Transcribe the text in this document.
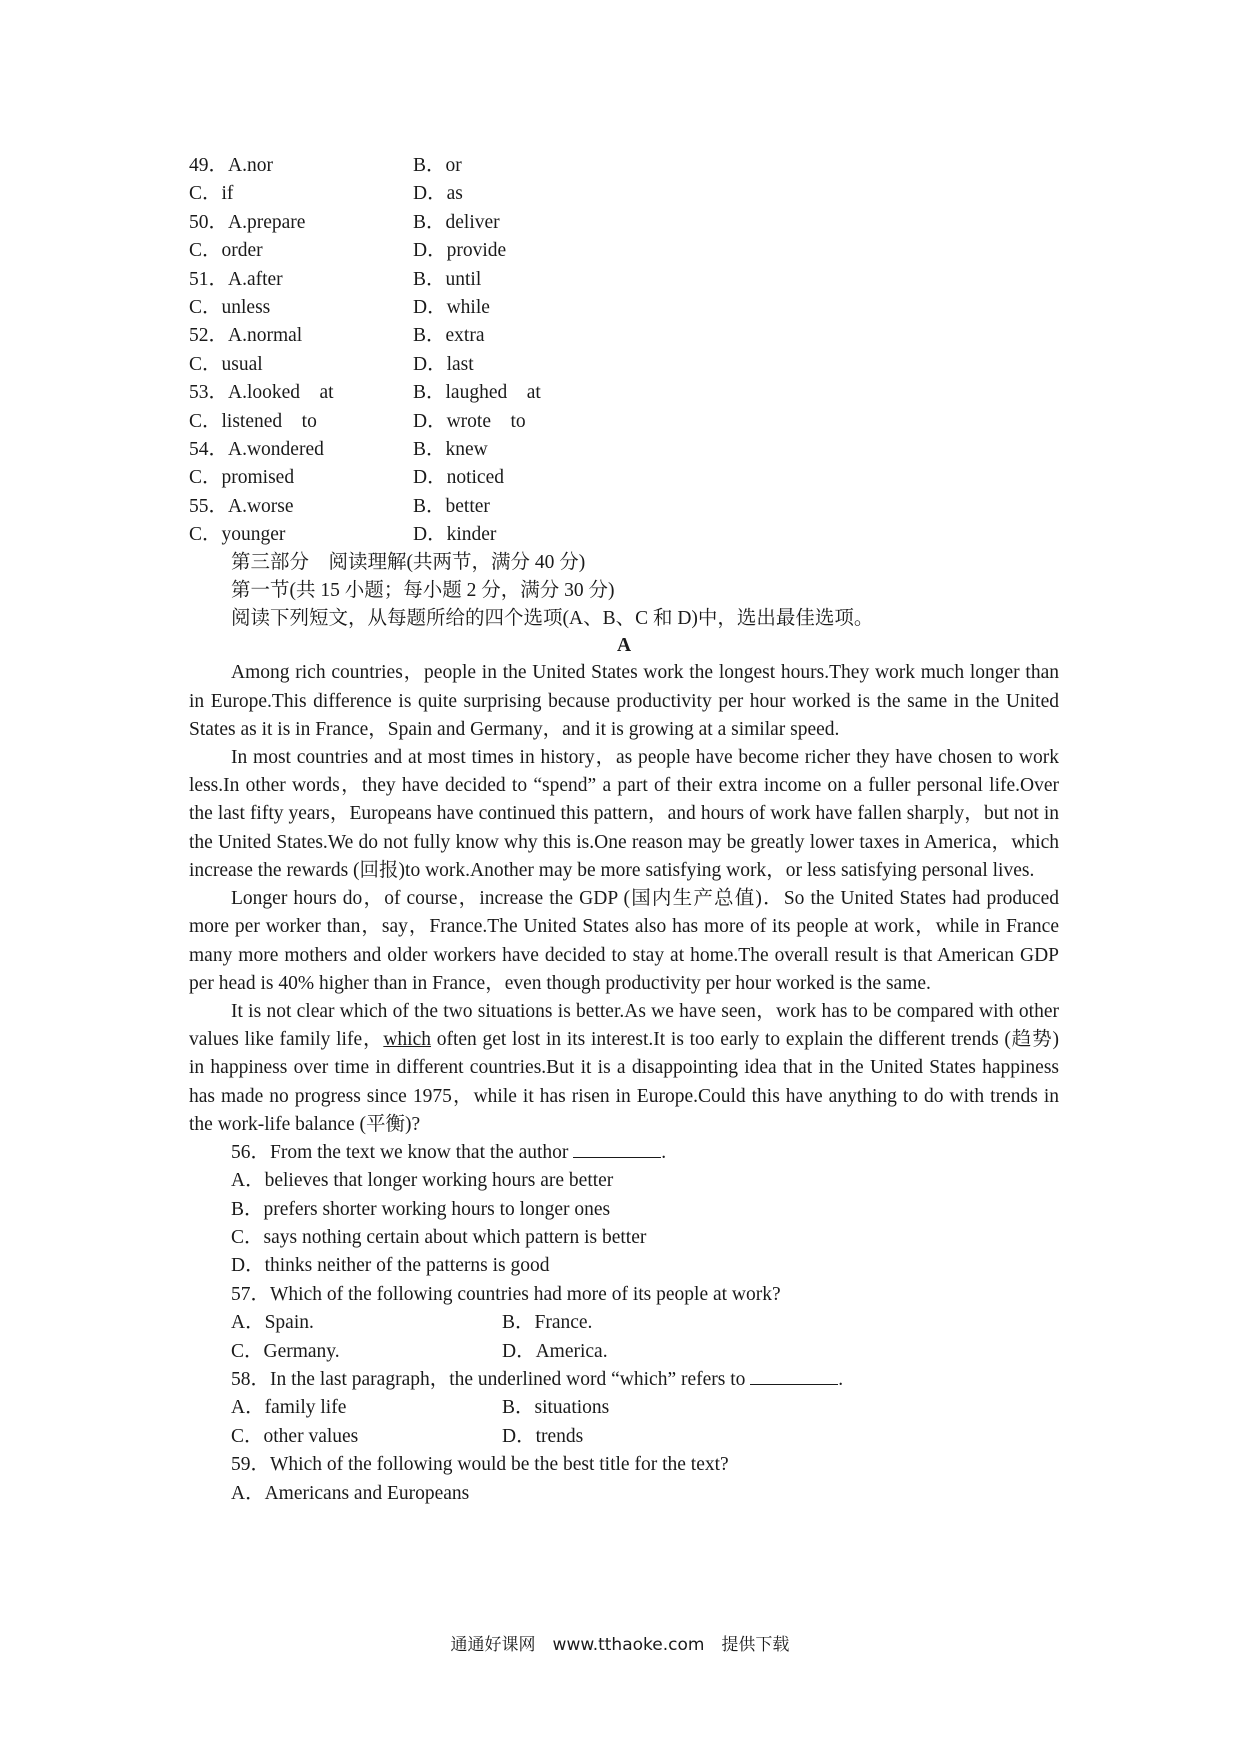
49．A.nor	B．or
C．if	D．as
50．A.prepare	B．deliver
C．order	D．provide
51．A.after	B．until
C．unless	D．while
52．A.normal	B．extra
C．usual	D．last
53．A.looked　at	B．laughed　at
C．listened　to	D．wrote　to
54．A.wondered	B．knew
C．promised	D．noticed
55．A.worse	B．better
C．younger	D．kinder
第三部分　阅读理解(共两节，满分 40 分)
第一节(共 15 小题；每小题 2 分，满分 30 分)
阅读下列短文，从每题所给的四个选项(A、B、C 和 D)中，选出最佳选项。
A

Among rich countries，people in the United States work the longest hours.They work much longer than in Europe.This difference is quite surprising because productivity per hour worked is the same in the United States as it is in France，Spain and Germany，and it is growing at a similar speed.

In most countries and at most times in history，as people have become richer they have chosen to work less.In other words，they have decided to “spend” a part of their extra income on a fuller personal life.Over the last fifty years，Europeans have continued this pattern，and hours of work have fallen sharply，but not in the United States.We do not fully know why this is.One reason may be greatly lower taxes in America，which increase the rewards (回报)to work.Another may be more satisfying work，or less satisfying personal lives.

Longer hours do，of course，increase the GDP (国内生产总值)．So the United States had produced more per worker than，say，France.The United States also has more of its people at work，while in France many more mothers and older workers have decided to stay at home.The overall result is that American GDP per head is 40% higher than in France，even though productivity per hour worked is the same.

It is not clear which of the two situations is better.As we have seen，work has to be compared with other values like family life，which often get lost in its interest.It is too early to explain the different trends (趋势) in happiness over time in different countries.But it is a disappointing idea that in the United States happiness has made no progress since 1975，while it has risen in Europe.Could this have anything to do with trends in the work-life balance (平衡)?

56．From the text we know that the author	.
A．believes that longer working hours are better
B．prefers shorter working hours to longer ones
C．says nothing certain about which pattern is better
D．thinks neither of the patterns is good
57．Which of the following countries had more of its people at work?
A．Spain.	B．France.
C．Germany.	D．America.
58．In the last paragraph，the underlined word “which” refers to	.
A．family life	B．situations
C．other values	D．trends
59．Which of the following would be the best title for the text?
A．Americans and Europeans
通通好课网　www.tthaoke.com　提供下载
